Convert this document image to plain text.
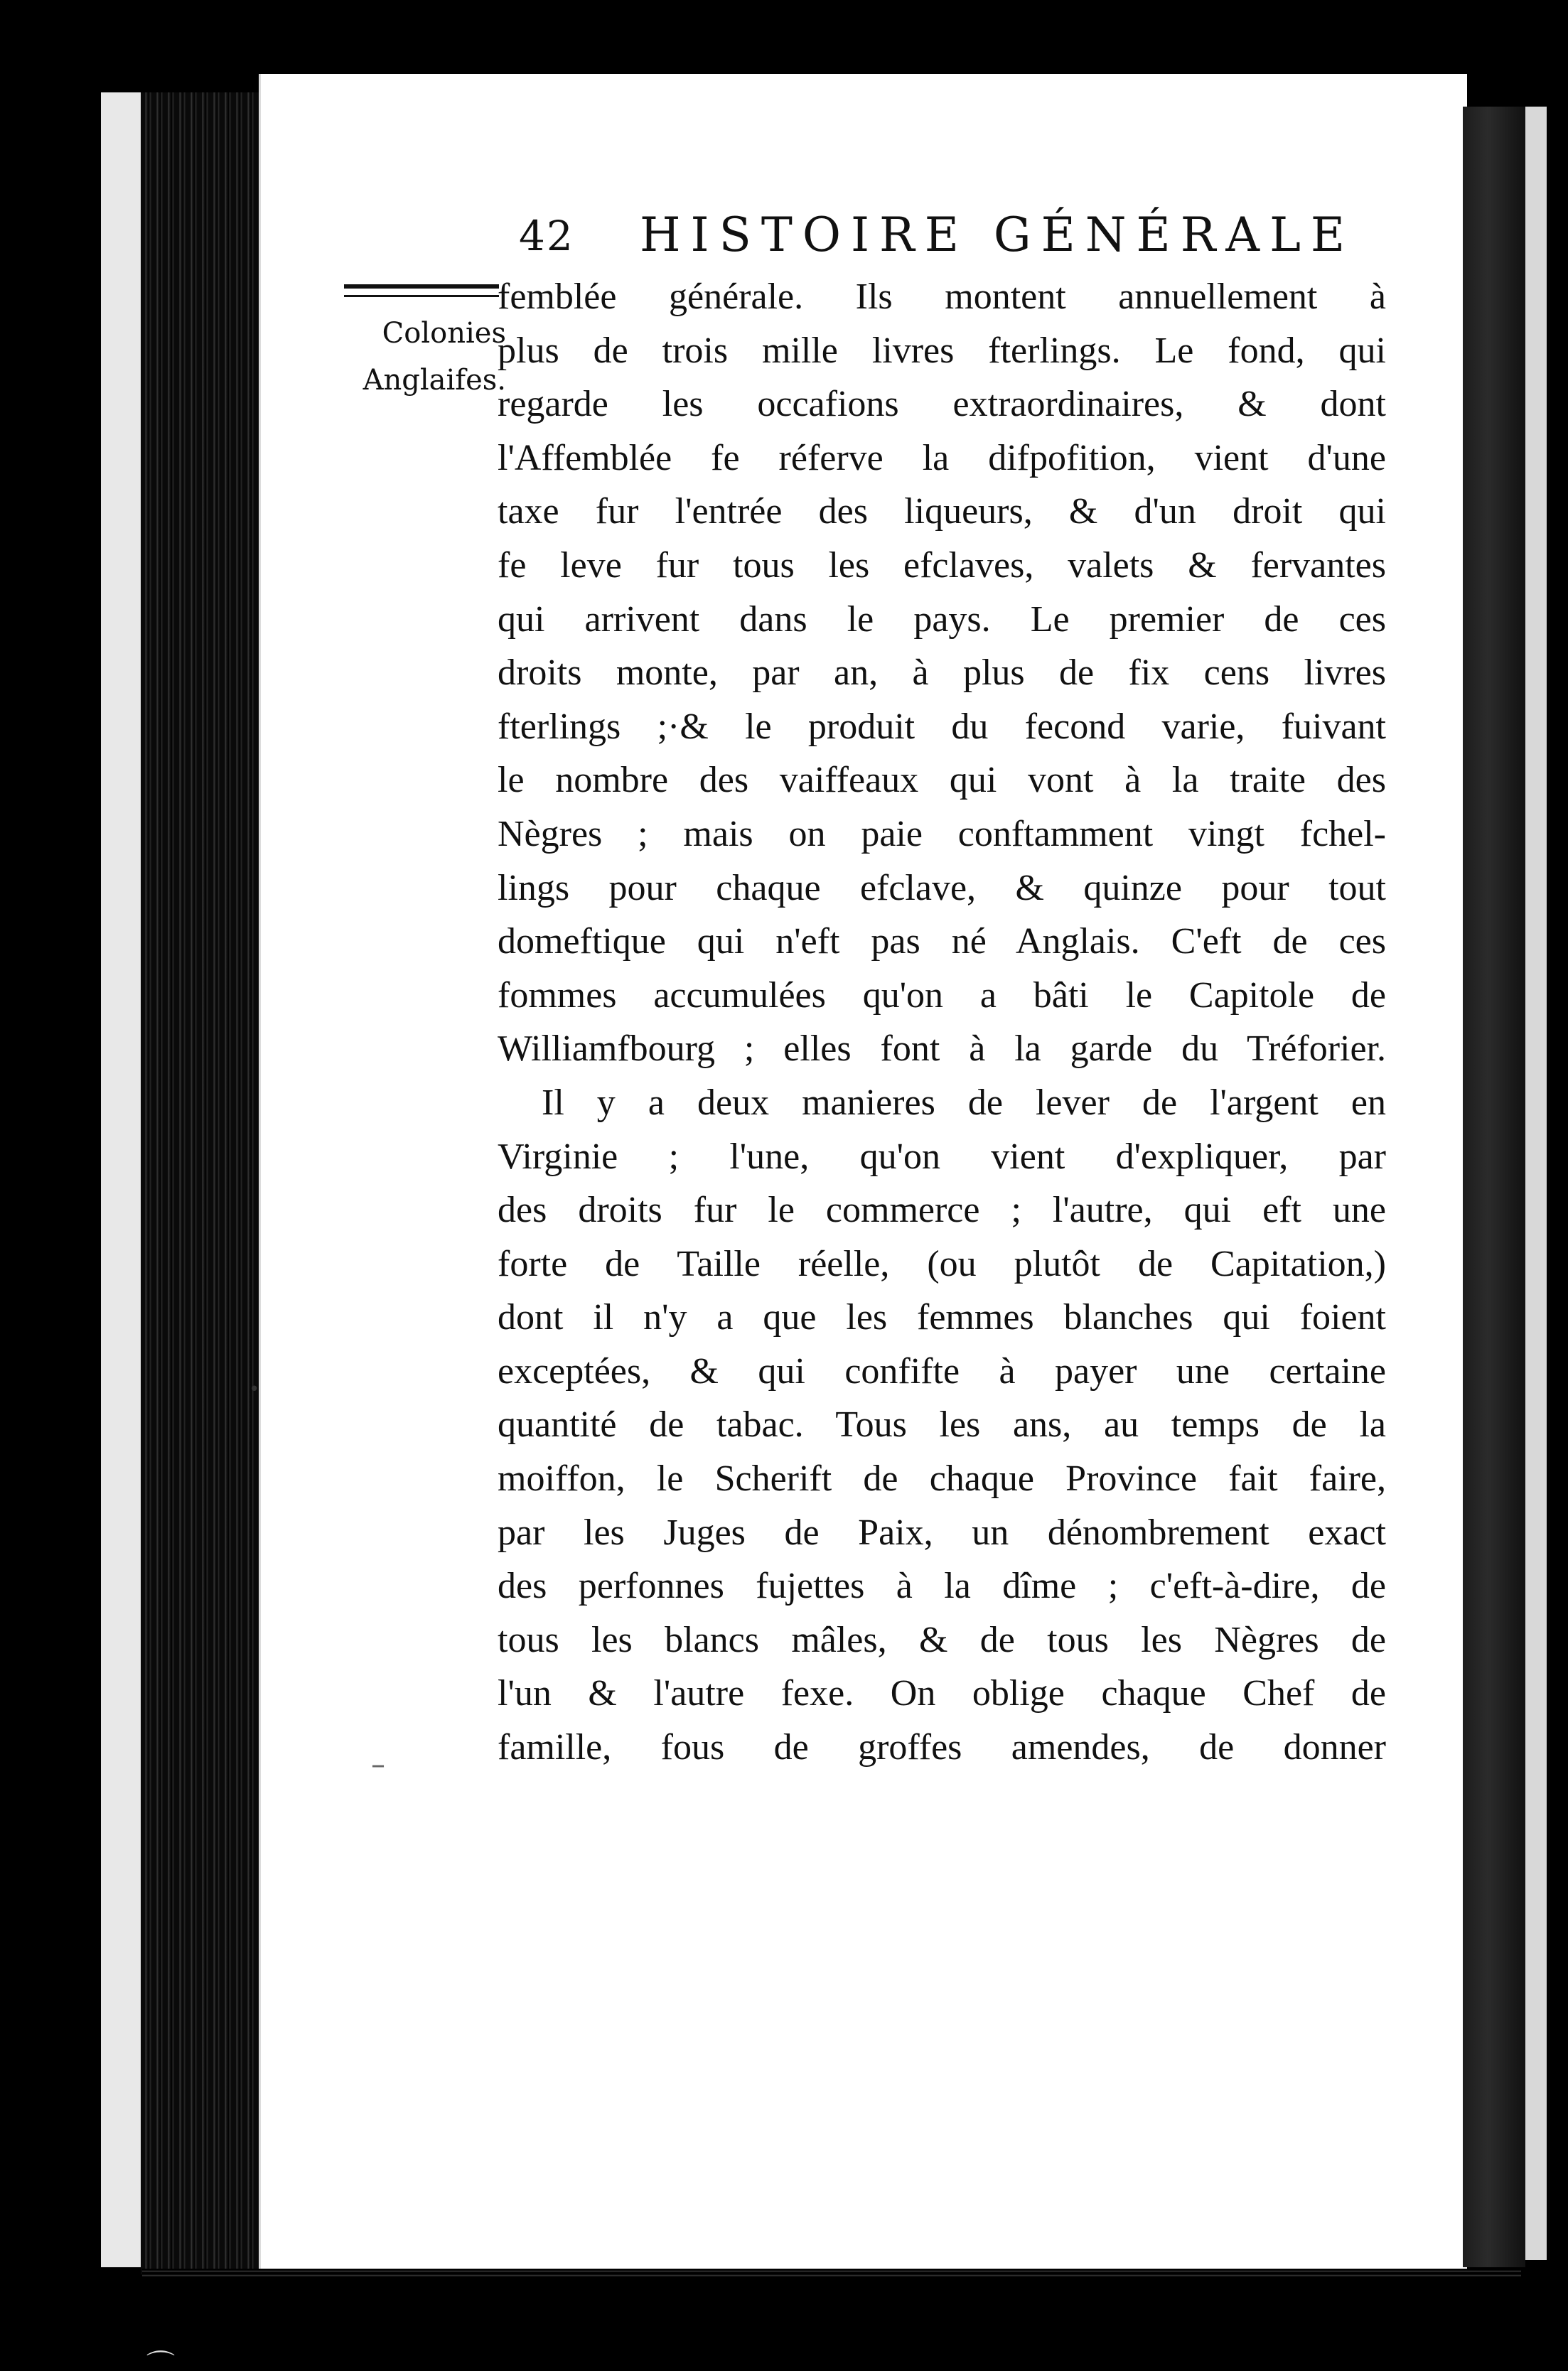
42 HISTOIRE GÉNÉRALE
Colonies
Anglaifes.
femblée générale. Ils montent annuellement à
plus de trois mille livres fterlings. Le fond, qui
regarde les occafions extraordinaires, & dont
l'Affemblée fe réferve la difpofition, vient d'une
taxe fur l'entrée des liqueurs, & d'un droit qui
fe leve fur tous les efclaves, valets & fervantes
qui arrivent dans le pays. Le premier de ces
droits monte, par an, à plus de fix cens livres
fterlings ;·& le produit du fecond varie, fuivant
le nombre des vaiffeaux qui vont à la traite des
Nègres ; mais on paie conftamment vingt fchel-
lings pour chaque efclave, & quinze pour tout
domeftique qui n'eft pas né Anglais. C'eft de ces
fommes accumulées qu'on a bâti le Capitole de
Williamfbourg ; elles font à la garde du Tréforier.
Il y a deux manieres de lever de l'argent en
Virginie ; l'une, qu'on vient d'expliquer, par
des droits fur le commerce ; l'autre, qui eft une
forte de Taille réelle, (ou plutôt de Capitation,)
dont il n'y a que les femmes blanches qui foient
exceptées, & qui confifte à payer une certaine
quantité de tabac. Tous les ans, au temps de la
moiffon, le Scherift de chaque Province fait faire,
par les Juges de Paix, un dénombrement exact
des perfonnes fujettes à la dîme ; c'eft-à-dire, de
tous les blancs mâles, & de tous les Nègres de
l'un & l'autre fexe. On oblige chaque Chef de
famille, fous de groffes amendes, de donner
•
–
⌒
